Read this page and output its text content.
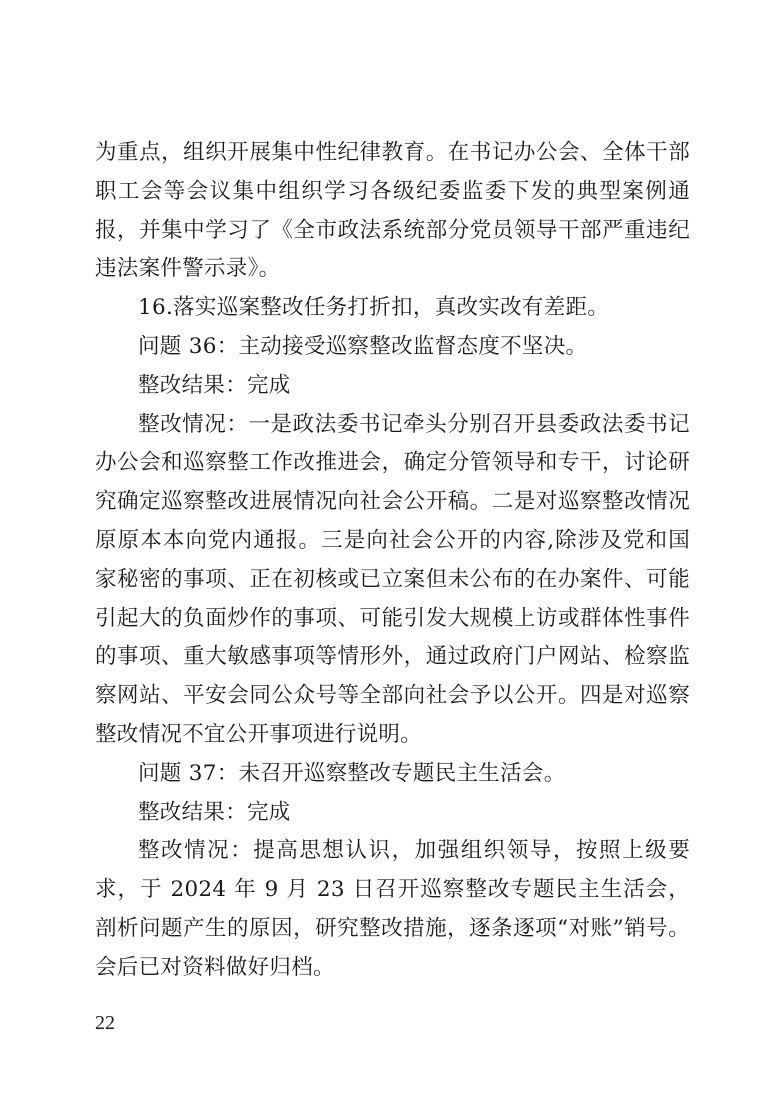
为重点，组织开展集中性纪律教育。在书记办公会、全体干部职工会等会议集中组织学习各级纪委监委下发的典型案例通报，并集中学习了《全市政法系统部分党员领导干部严重违纪违法案件警示录》。

16.落实巡案整改任务打折扣，真改实改有差距。

问题 36：主动接受巡察整改监督态度不坚决。

整改结果：完成

整改情况：一是政法委书记牵头分别召开县委政法委书记办公会和巡察整工作改推进会，确定分管领导和专干，讨论研究确定巡察整改进展情况向社会公开稿。二是对巡察整改情况原原本本向党内通报。三是向社会公开的内容,除涉及党和国家秘密的事项、正在初核或已立案但未公布的在办案件、可能引起大的负面炒作的事项、可能引发大规模上访或群体性事件的事项、重大敏感事项等情形外，通过政府门户网站、检察监察网站、平安会同公众号等全部向社会予以公开。四是对巡察整改情况不宜公开事项进行说明。

问题 37：未召开巡察整改专题民主生活会。

整改结果：完成

整改情况：提高思想认识，加强组织领导，按照上级要求，于 2024 年 9 月 23 日召开巡察整改专题民主生活会，剖析问题产生的原因，研究整改措施，逐条逐项“对账”销号。会后已对资料做好归档。

22
